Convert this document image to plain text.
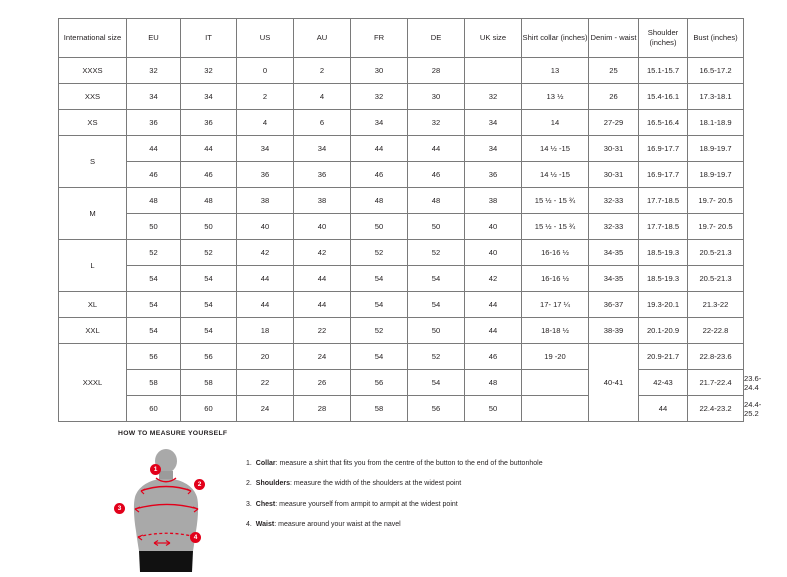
International size	EU	IT	US	AU	FR	DE	UK size	Shirt collar (inches)	Denim - waist	Shoulder (inches)	Bust (inches)	
XXXS	32	32	0	2	30	28		13	25	15.1-15.7	16.5-17.2	
XXS	34	34	2	4	32	30	32	13 ½	26	15.4-16.1	17.3-18.1	
XS	36	36	4	6	34	32	34	14	27-29	16.5-16.4	18.1-18.9	
S	44	44	34	34	44	44	34	14 ½ -15	30-31	16.9-17.7	18.9-19.7	
	46	46	36	36	46	46	36	14 ½ -15	30-31	16.9-17.7	18.9-19.7	
M	48	48	38	38	48	48	38	15 ½ - 15 ¾	32-33	17.7-18.5	19.7- 20.5	
	50	50	40	40	50	50	40	15 ½ - 15 ¾	32-33	17.7-18.5	19.7- 20.5	
L	52	52	42	42	52	52	40	16-16 ½	34-35	18.5-19.3	20.5-21.3	
	54	54	44	44	54	54	42	16-16 ½	34-35	18.5-19.3	20.5-21.3	
XL	54	54	44	44	54	54	44	17- 17 ¼	36-37	19.3-20.1	21.3-22	
XXL	54	54	18	22	52	50	44	18-18 ½	38-39	20.1-20.9	22-22.8	
XXXL	56	56	20	24	54	52	46	19 -20	40-41	20.9-21.7	22.8-23.6	
	58	58	22	26	56	54	48			42-43	21.7-22.4	23.6-24.4
	60	60	24	28	58	56	50			44	22.4-23.2	24.4-25.2
HOW TO MEASURE YOURSELF
1
2
3
4
1. Collar: measure a shirt that fits you from the centre of the button to the end of the buttonhole
2. Shoulders: measure the width of the shoulders at the widest point
3. Chest: measure yourself from armpit to armpit at the widest point
4. Waist: measure around your waist at the navel
